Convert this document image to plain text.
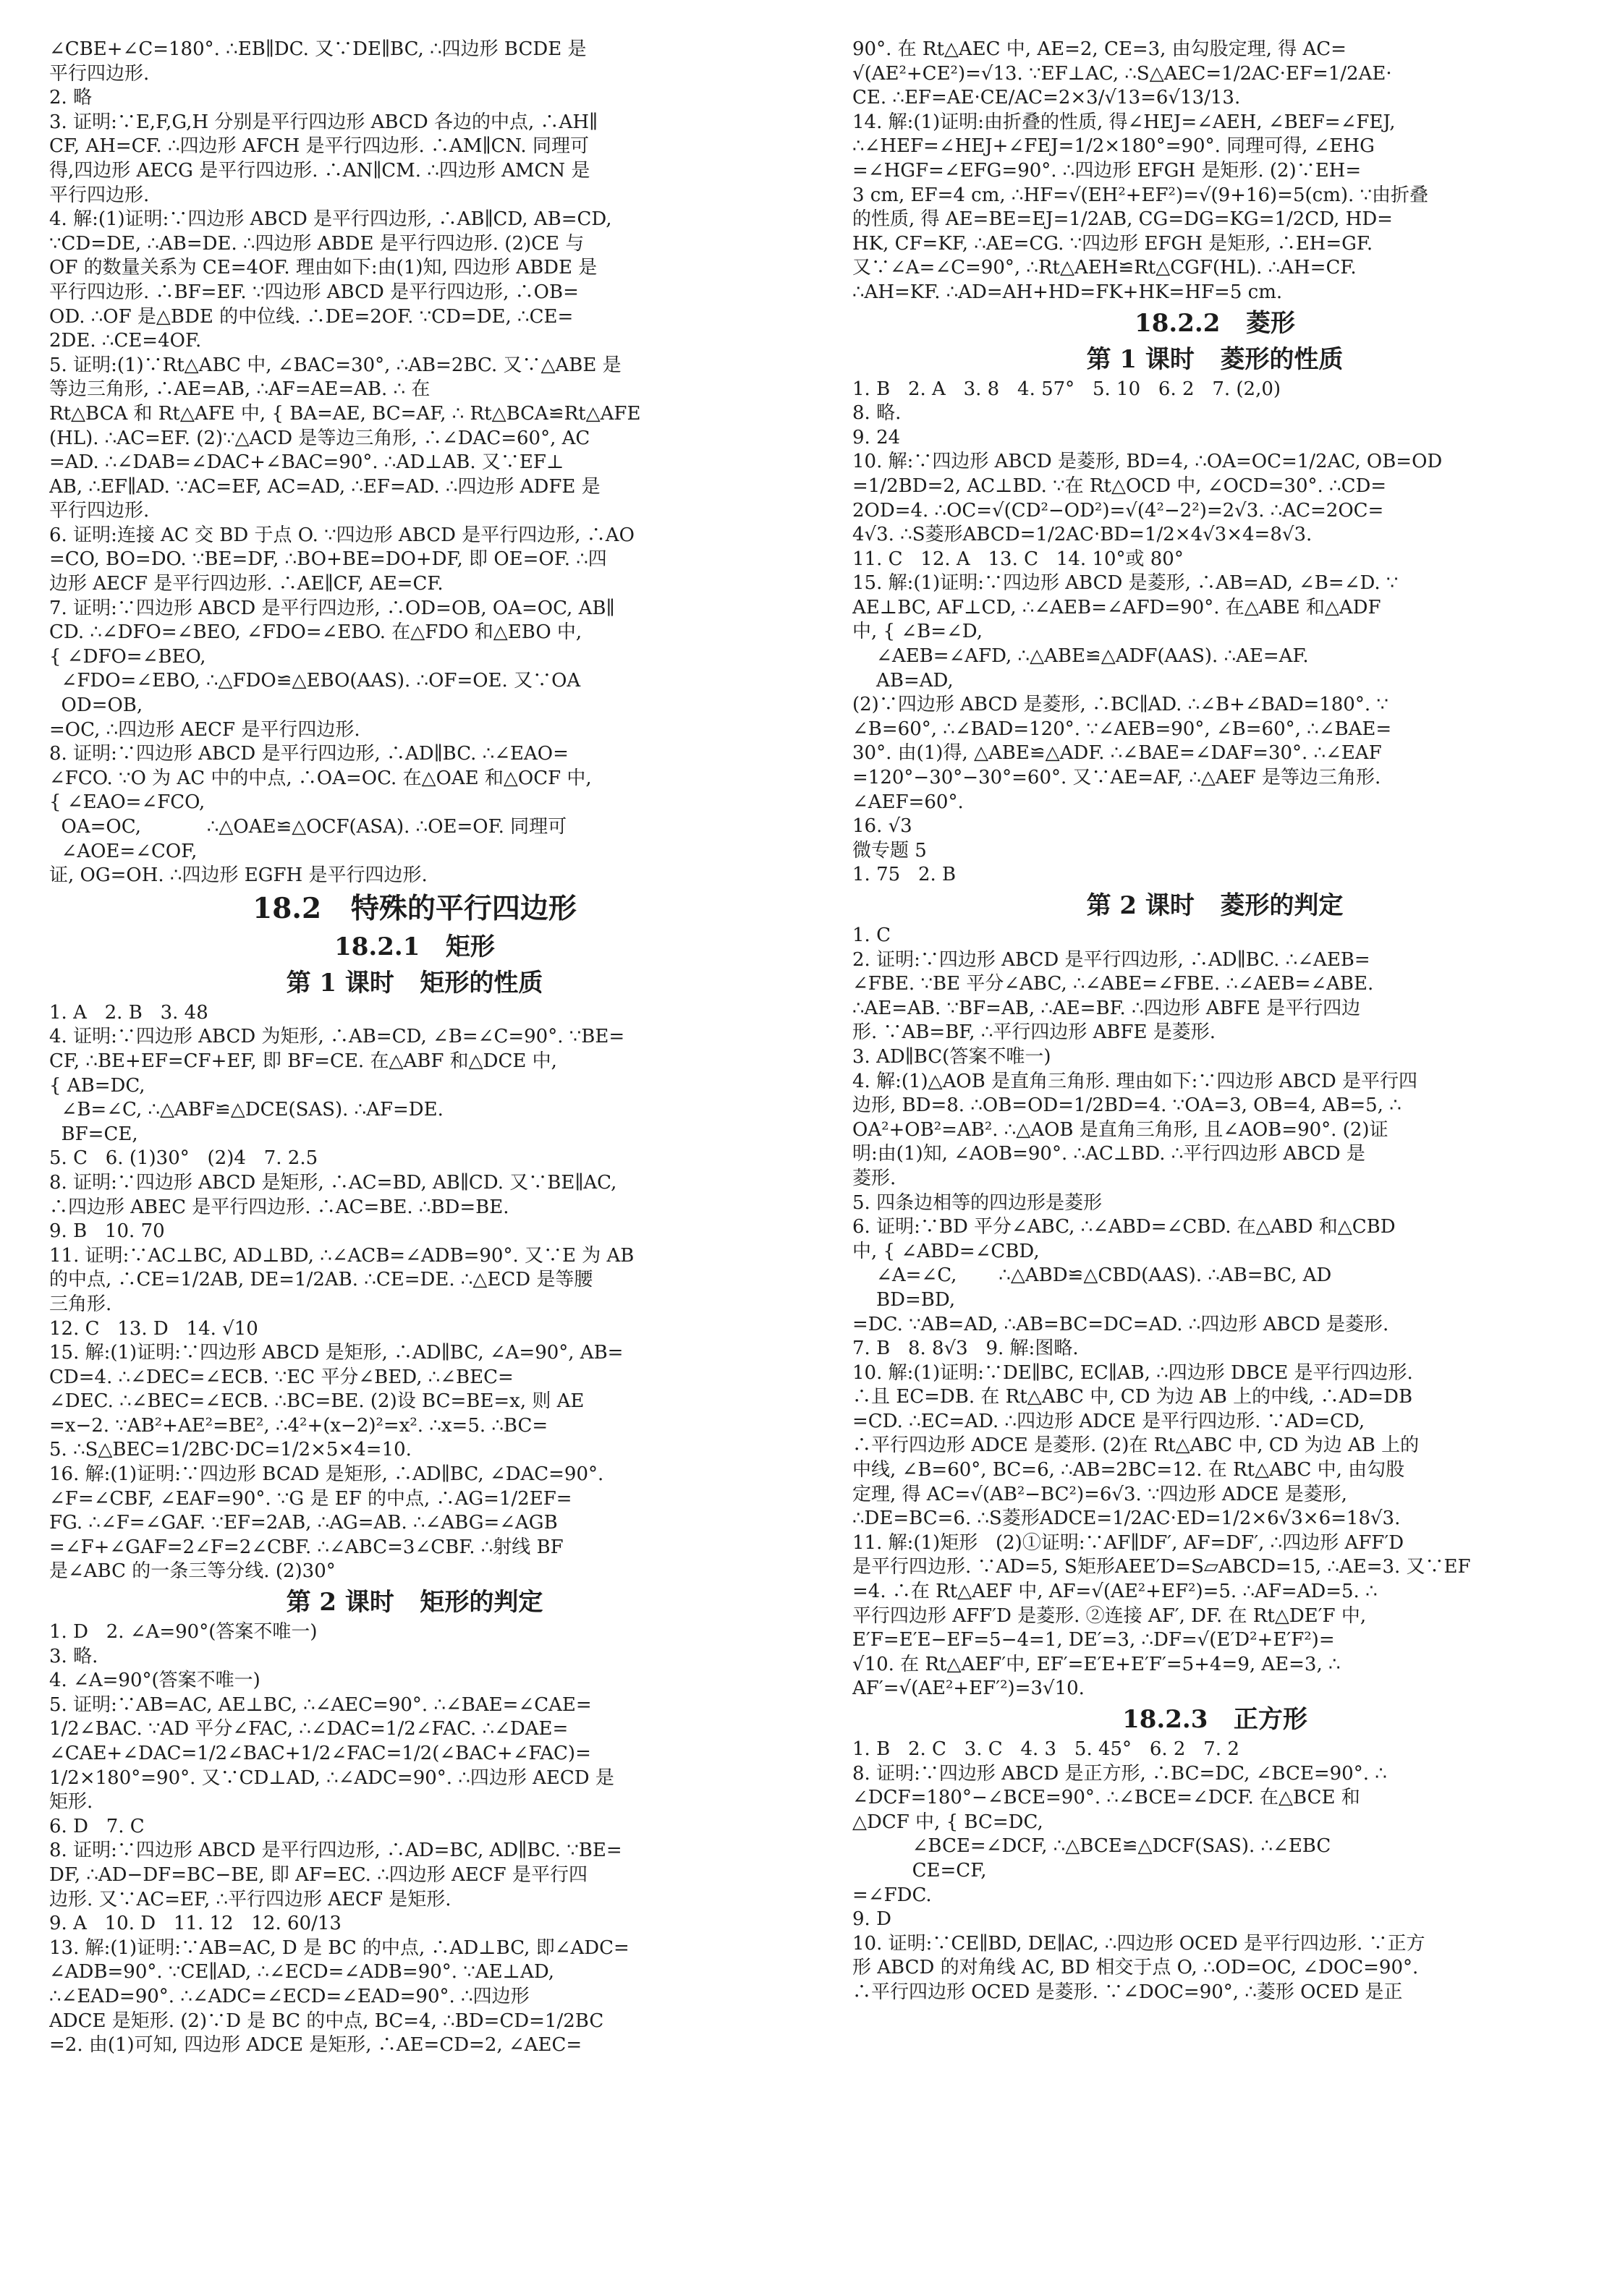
∠CBE+∠C=180°. ∴EB∥DC. 又∵DE∥BC, ∴四边形 BCDE 是
平行四边形.
2. 略
3. 证明:∵E,F,G,H 分别是平行四边形 ABCD 各边的中点, ∴AH∥
CF, AH=CF. ∴四边形 AFCH 是平行四边形. ∴AM∥CN. 同理可
得,四边形 AECG 是平行四边形. ∴AN∥CM. ∴四边形 AMCN 是
平行四边形.
4. 解:(1)证明:∵四边形 ABCD 是平行四边形, ∴AB∥CD, AB=CD,
∵CD=DE, ∴AB=DE. ∴四边形 ABDE 是平行四边形. (2)CE 与
OF 的数量关系为 CE=4OF. 理由如下:由(1)知, 四边形 ABDE 是
平行四边形. ∴BF=EF. ∵四边形 ABCD 是平行四边形, ∴OB=
OD. ∴OF 是△BDE 的中位线. ∴DE=2OF. ∵CD=DE, ∴CE=
2DE. ∴CE=4OF.
5. 证明:(1)∵Rt△ABC 中, ∠BAC=30°, ∴AB=2BC. 又∵△ABE 是
等边三角形, ∴AE=AB, ∴AF=AE=AB. ∴ 在
Rt△BCA 和 Rt△AFE 中, { BA=AE, BC=AF, ∴ Rt△BCA≌Rt△AFE
(HL). ∴AC=EF. (2)∵△ACD 是等边三角形, ∴∠DAC=60°, AC
=AD. ∴∠DAB=∠DAC+∠BAC=90°. ∴AD⊥AB. 又∵EF⊥
AB, ∴EF∥AD. ∵AC=EF, AC=AD, ∴EF=AD. ∴四边形 ADFE 是
平行四边形.
6. 证明:连接 AC 交 BD 于点 O. ∵四边形 ABCD 是平行四边形, ∴AO
=CO, BO=DO. ∵BE=DF, ∴BO+BE=DO+DF, 即 OE=OF. ∴四
边形 AECF 是平行四边形. ∴AE∥CF, AE=CF.
7. 证明:∵四边形 ABCD 是平行四边形, ∴OD=OB, OA=OC, AB∥
CD. ∴∠DFO=∠BEO, ∠FDO=∠EBO. 在△FDO 和△EBO 中,
{ ∠DFO=∠BEO,
∠FDO=∠EBO, ∴△FDO≌△EBO(AAS). ∴OF=OE. 又∵OA
OD=OB,
=OC, ∴四边形 AECF 是平行四边形.
8. 证明:∵四边形 ABCD 是平行四边形, ∴AD∥BC. ∴∠EAO=
∠FCO. ∵O 为 AC 中的中点, ∴OA=OC. 在△OAE 和△OCF 中,
{ ∠EAO=∠FCO,
OA=OC,           ∴△OAE≌△OCF(ASA). ∴OE=OF. 同理可
∠AOE=∠COF,
证, OG=OH. ∴四边形 EGFH 是平行四边形.
18.2   特殊的平行四边形
18.2.1   矩形
第 1 课时   矩形的性质
1. A   2. B   3. 48
4. 证明:∵四边形 ABCD 为矩形, ∴AB=CD, ∠B=∠C=90°. ∵BE=
CF, ∴BE+EF=CF+EF, 即 BF=CE. 在△ABF 和△DCE 中,
{ AB=DC,
∠B=∠C, ∴△ABF≌△DCE(SAS). ∴AF=DE.
BF=CE,
5. C   6. (1)30°   (2)4   7. 2.5
8. 证明:∵四边形 ABCD 是矩形, ∴AC=BD, AB∥CD. 又∵BE∥AC,
∴四边形 ABEC 是平行四边形. ∴AC=BE. ∴BD=BE.
9. B   10. 70
11. 证明:∵AC⊥BC, AD⊥BD, ∴∠ACB=∠ADB=90°. 又∵E 为 AB
的中点, ∴CE=1/2AB, DE=1/2AB. ∴CE=DE. ∴△ECD 是等腰
三角形.
12. C   13. D   14. √10
15. 解:(1)证明:∵四边形 ABCD 是矩形, ∴AD∥BC, ∠A=90°, AB=
CD=4. ∴∠DEC=∠ECB. ∵EC 平分∠BED, ∴∠BEC=
∠DEC. ∴∠BEC=∠ECB. ∴BC=BE. (2)设 BC=BE=x, 则 AE
=x−2. ∵AB²+AE²=BE², ∴4²+(x−2)²=x². ∴x=5. ∴BC=
5. ∴S△BEC=1/2BC·DC=1/2×5×4=10.
16. 解:(1)证明:∵四边形 BCAD 是矩形, ∴AD∥BC, ∠DAC=90°.
∠F=∠CBF, ∠EAF=90°. ∵G 是 EF 的中点, ∴AG=1/2EF=
FG. ∴∠F=∠GAF. ∵EF=2AB, ∴AG=AB. ∴∠ABG=∠AGB
=∠F+∠GAF=2∠F=2∠CBF. ∴∠ABC=3∠CBF. ∴射线 BF
是∠ABC 的一条三等分线. (2)30°
第 2 课时   矩形的判定
1. D   2. ∠A=90°(答案不唯一)
3. 略.
4. ∠A=90°(答案不唯一)
5. 证明:∵AB=AC, AE⊥BC, ∴∠AEC=90°. ∴∠BAE=∠CAE=
1/2∠BAC. ∵AD 平分∠FAC, ∴∠DAC=1/2∠FAC. ∴∠DAE=
∠CAE+∠DAC=1/2∠BAC+1/2∠FAC=1/2(∠BAC+∠FAC)=
1/2×180°=90°. 又∵CD⊥AD, ∴∠ADC=90°. ∴四边形 AECD 是
矩形.
6. D   7. C
8. 证明:∵四边形 ABCD 是平行四边形, ∴AD=BC, AD∥BC. ∵BE=
DF, ∴AD−DF=BC−BE, 即 AF=EC. ∴四边形 AECF 是平行四
边形. 又∵AC=EF, ∴平行四边形 AECF 是矩形.
9. A   10. D   11. 12   12. 60/13
13. 解:(1)证明:∵AB=AC, D 是 BC 的中点, ∴AD⊥BC, 即∠ADC=
∠ADB=90°. ∵CE∥AD, ∴∠ECD=∠ADB=90°. ∵AE⊥AD,
∴∠EAD=90°. ∴∠ADC=∠ECD=∠EAD=90°. ∴四边形
ADCE 是矩形. (2)∵D 是 BC 的中点, BC=4, ∴BD=CD=1/2BC
=2. 由(1)可知, 四边形 ADCE 是矩形, ∴AE=CD=2, ∠AEC=
90°. 在 Rt△AEC 中, AE=2, CE=3, 由勾股定理, 得 AC=
√(AE²+CE²)=√13. ∵EF⊥AC, ∴S△AEC=1/2AC·EF=1/2AE·
CE. ∴EF=AE·CE/AC=2×3/√13=6√13/13.
14. 解:(1)证明:由折叠的性质, 得∠HEJ=∠AEH, ∠BEF=∠FEJ,
∴∠HEF=∠HEJ+∠FEJ=1/2×180°=90°. 同理可得, ∠EHG
=∠HGF=∠EFG=90°. ∴四边形 EFGH 是矩形. (2)∵EH=
3 cm, EF=4 cm, ∴HF=√(EH²+EF²)=√(9+16)=5(cm). ∵由折叠
的性质, 得 AE=BE=EJ=1/2AB, CG=DG=KG=1/2CD, HD=
HK, CF=KF, ∴AE=CG. ∵四边形 EFGH 是矩形, ∴EH=GF.
又∵∠A=∠C=90°, ∴Rt△AEH≌Rt△CGF(HL). ∴AH=CF.
∴AH=KF. ∴AD=AH+HD=FK+HK=HF=5 cm.
18.2.2   菱形
第 1 课时   菱形的性质
1. B   2. A   3. 8   4. 57°   5. 10   6. 2   7. (2,0)
8. 略.
9. 24
10. 解:∵四边形 ABCD 是菱形, BD=4, ∴OA=OC=1/2AC, OB=OD
=1/2BD=2, AC⊥BD. ∵在 Rt△OCD 中, ∠OCD=30°. ∴CD=
2OD=4. ∴OC=√(CD²−OD²)=√(4²−2²)=2√3. ∴AC=2OC=
4√3. ∴S菱形ABCD=1/2AC·BD=1/2×4√3×4=8√3.
11. C   12. A   13. C   14. 10°或 80°
15. 解:(1)证明:∵四边形 ABCD 是菱形, ∴AB=AD, ∠B=∠D. ∵
AE⊥BC, AF⊥CD, ∴∠AEB=∠AFD=90°. 在△ABE 和△ADF
中, { ∠B=∠D,
∠AEB=∠AFD, ∴△ABE≌△ADF(AAS). ∴AE=AF.
AB=AD,
(2)∵四边形 ABCD 是菱形, ∴BC∥AD. ∴∠B+∠BAD=180°. ∵
∠B=60°, ∴∠BAD=120°. ∵∠AEB=90°, ∠B=60°, ∴∠BAE=
30°. 由(1)得, △ABE≌△ADF. ∴∠BAE=∠DAF=30°. ∴∠EAF
=120°−30°−30°=60°. 又∵AE=AF, ∴△AEF 是等边三角形.
∠AEF=60°.
16. √3
微专题 5
1. 75   2. B
第 2 课时   菱形的判定
1. C
2. 证明:∵四边形 ABCD 是平行四边形, ∴AD∥BC. ∴∠AEB=
∠FBE. ∵BE 平分∠ABC, ∴∠ABE=∠FBE. ∴∠AEB=∠ABE.
∴AE=AB. ∵BF=AB, ∴AE=BF. ∴四边形 ABFE 是平行四边
形. ∵AB=BF, ∴平行四边形 ABFE 是菱形.
3. AD∥BC(答案不唯一)
4. 解:(1)△AOB 是直角三角形. 理由如下:∵四边形 ABCD 是平行四
边形, BD=8. ∴OB=OD=1/2BD=4. ∵OA=3, OB=4, AB=5, ∴
OA²+OB²=AB². ∴△AOB 是直角三角形, 且∠AOB=90°. (2)证
明:由(1)知, ∠AOB=90°. ∴AC⊥BD. ∴平行四边形 ABCD 是
菱形.
5. 四条边相等的四边形是菱形
6. 证明:∵BD 平分∠ABC, ∴∠ABD=∠CBD. 在△ABD 和△CBD
中, { ∠ABD=∠CBD,
∠A=∠C,       ∴△ABD≌△CBD(AAS). ∴AB=BC, AD
BD=BD,
=DC. ∵AB=AD, ∴AB=BC=DC=AD. ∴四边形 ABCD 是菱形.
7. B   8. 8√3   9. 解:图略.
10. 解:(1)证明:∵DE∥BC, EC∥AB, ∴四边形 DBCE 是平行四边形.
∴且 EC=DB. 在 Rt△ABC 中, CD 为边 AB 上的中线, ∴AD=DB
=CD. ∴EC=AD. ∴四边形 ADCE 是平行四边形. ∵AD=CD,
∴平行四边形 ADCE 是菱形. (2)在 Rt△ABC 中, CD 为边 AB 上的
中线, ∠B=60°, BC=6, ∴AB=2BC=12. 在 Rt△ABC 中, 由勾股
定理, 得 AC=√(AB²−BC²)=6√3. ∵四边形 ADCE 是菱形,
∴DE=BC=6. ∴S菱形ADCE=1/2AC·ED=1/2×6√3×6=18√3.
11. 解:(1)矩形   (2)①证明:∵AF∥DF′, AF=DF′, ∴四边形 AFF′D
是平行四边形. ∵AD=5, S矩形AEE′D=S▱ABCD=15, ∴AE=3. 又∵EF
=4. ∴在 Rt△AEF 中, AF=√(AE²+EF²)=5. ∴AF=AD=5. ∴
平行四边形 AFF′D 是菱形. ②连接 AF′, DF. 在 Rt△DE′F 中,
E′F=E′E−EF=5−4=1, DE′=3, ∴DF=√(E′D²+E′F²)=
√10. 在 Rt△AEF′中, EF′=E′E+E′F′=5+4=9, AE=3, ∴
AF′=√(AE²+EF′²)=3√10.
18.2.3   正方形
1. B   2. C   3. C   4. 3   5. 45°   6. 2   7. 2
8. 证明:∵四边形 ABCD 是正方形, ∴BC=DC, ∠BCE=90°. ∴
∠DCF=180°−∠BCE=90°. ∴∠BCE=∠DCF. 在△BCE 和
△DCF 中, { BC=DC,
∠BCE=∠DCF, ∴△BCE≌△DCF(SAS). ∴∠EBC
CE=CF,
=∠FDC.
9. D
10. 证明:∵CE∥BD, DE∥AC, ∴四边形 OCED 是平行四边形. ∵正方
形 ABCD 的对角线 AC, BD 相交于点 O, ∴OD=OC, ∠DOC=90°.
∴平行四边形 OCED 是菱形. ∵∠DOC=90°, ∴菱形 OCED 是正
